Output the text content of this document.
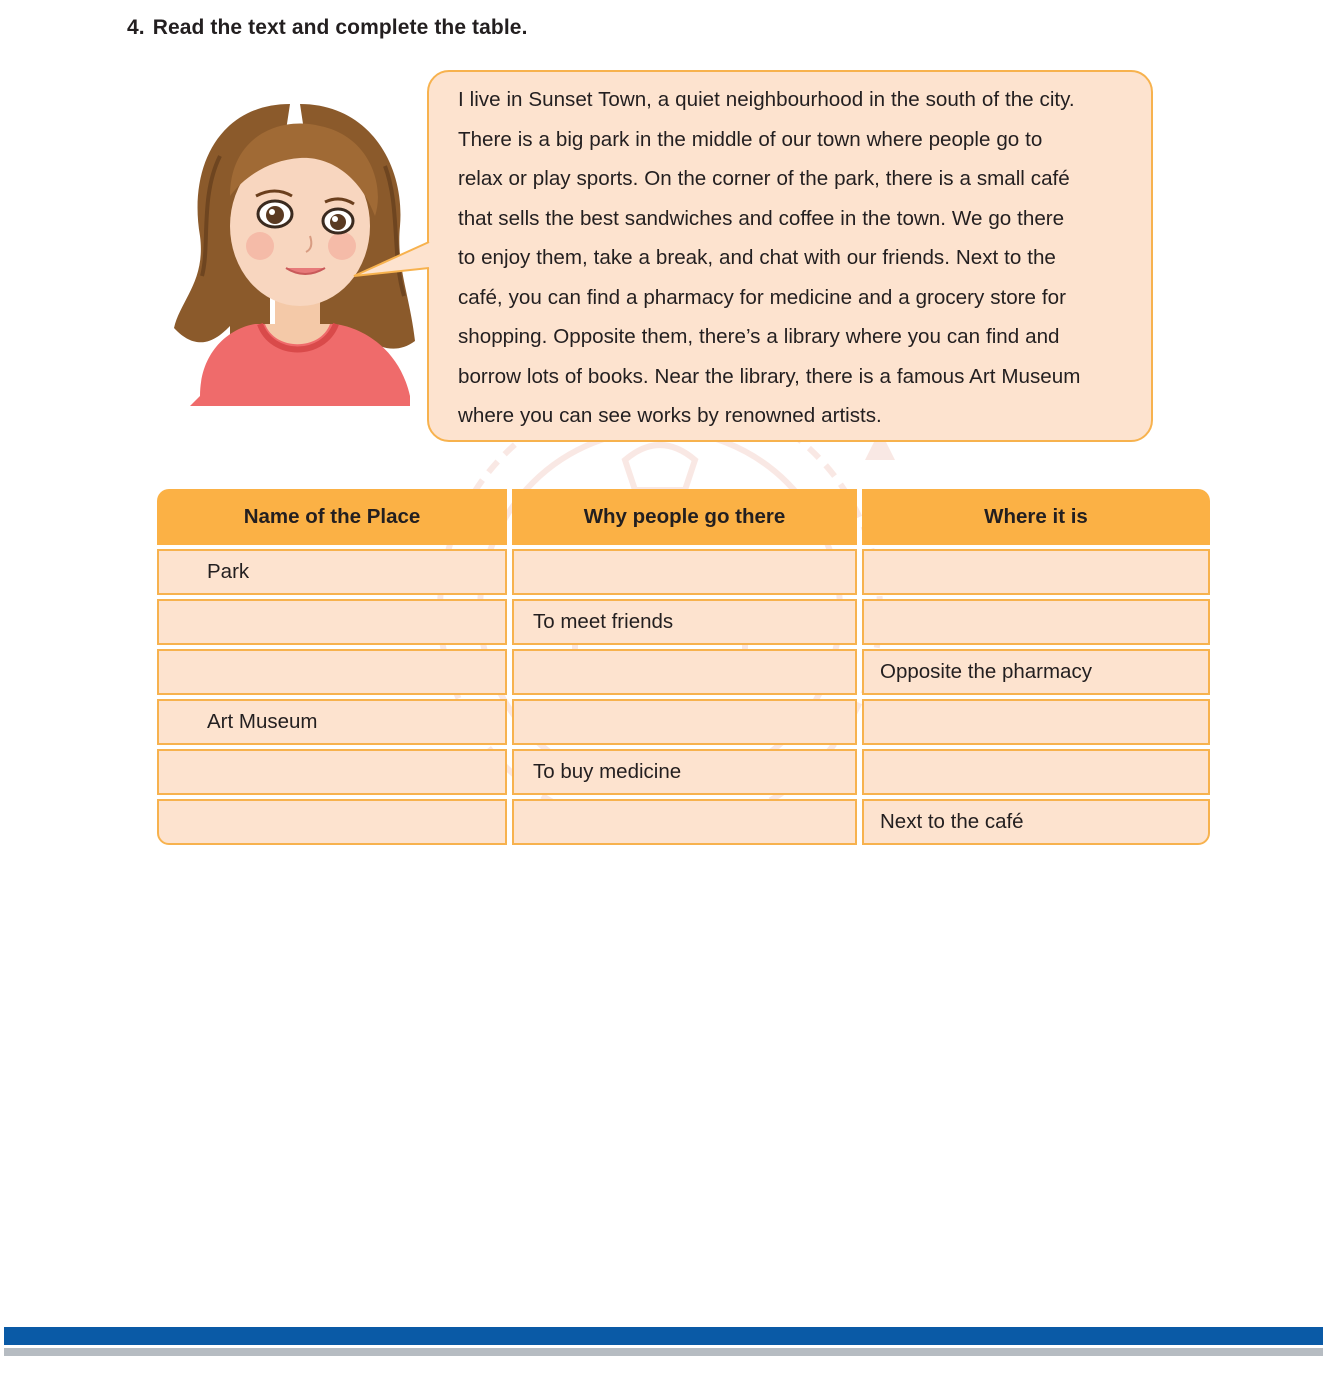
4. Read the text and complete the table.

I live in Sunset Town, a quiet neighbourhood in the south of the city.
There is a big park in the middle of our town where people go to
relax or play sports. On the corner of the park, there is a small café
that sells the best sandwiches and coffee in the town. We go there
to enjoy them, take a break, and chat with our friends. Next to the
café, you can find a pharmacy for medicine and a grocery store for
shopping. Opposite them, there’s a library where you can find and
borrow lots of books. Near the library, there is a famous Art Museum
where you can see works by renowned artists.

Name of the Place	Why people go there	Where it is
Park
To meet friends
Opposite the pharmacy
Art Museum
To buy medicine
Next to the café
